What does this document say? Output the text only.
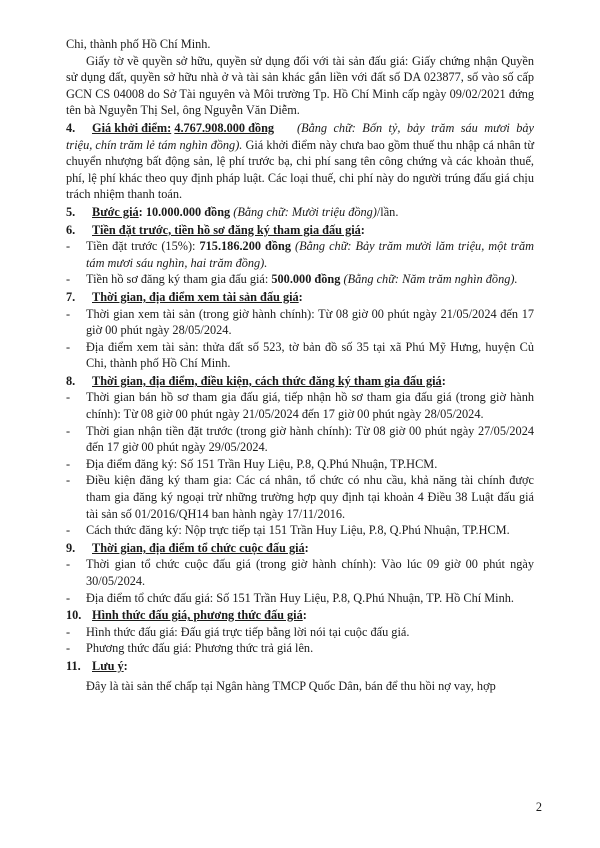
Chi, thành phố Hồ Chí Minh.

Giấy tờ về quyền sở hữu, quyền sử dụng đối với tài sản đấu giá: Giấy chứng nhận Quyền sử dụng đất, quyền sở hữu nhà ở và tài sản khác gắn liền với đất số DA 023877, số vào số cấp GCN CS 04008 do Sở Tài nguyên và Môi trường Tp. Hồ Chí Minh cấp ngày 09/02/2021 đứng tên bà Nguyễn Thị Sel, ông Nguyễn Văn Diễm.

4.	Giá khởi điểm:
4.767.908.000 đồng	(Bằng chữ: Bốn tỷ, bảy trăm sáu mươi bảy triệu, chín trăm lẻ tám nghìn đồng). Giá khởi điểm này chưa bao gồm thuế thu nhập cá nhân từ chuyển nhượng bất động sản, lệ phí trước bạ, chi phí sang tên công chứng và các khoản thuế, phí, lệ phí khác theo quy định pháp luật. Các loại thuế, chi phí này do người trúng đấu giá chịu trách nhiệm thanh toán.

5.	Bước giá: 10.000.000 đồng (Bằng chữ: Mười triệu đồng)/lần.
6.	Tiền đặt trước, tiền hồ sơ đăng ký tham gia đấu giá:
-	Tiền đặt trước (15%): 715.186.200 đồng (Bằng chữ: Bảy trăm mười lăm triệu, một trăm tám mươi sáu nghìn, hai trăm đồng).
-	Tiền hồ sơ đăng ký tham gia đấu giá: 500.000 đồng (Bằng chữ: Năm trăm nghìn đồng).
7.	Thời gian, địa điểm xem tài sản đấu giá:
-	Thời gian xem tài sản (trong giờ hành chính): Từ 08 giờ 00 phút ngày 21/05/2024 đến 17 giờ 00 phút ngày 28/05/2024.
-	Địa điểm xem tài sản: thửa đất số 523, tờ bản đồ số 35 tại xã Phú Mỹ Hưng, huyện Củ Chi, thành phố Hồ Chí Minh.
8.	Thời gian, địa điểm, điều kiện, cách thức đăng ký tham gia đấu giá:
-	Thời gian bán hồ sơ tham gia đấu giá, tiếp nhận hồ sơ tham gia đấu giá (trong giờ hành chính): Từ 08 giờ 00 phút ngày 21/05/2024 đến 17 giờ 00 phút ngày 28/05/2024.
-	Thời gian nhận tiền đặt trước (trong giờ hành chính): Từ 08 giờ 00 phút ngày 27/05/2024 đến 17 giờ 00 phút ngày 29/05/2024.
-	Địa điểm đăng ký: Số 151 Trần Huy Liệu, P.8, Q.Phú Nhuận, TP.HCM.
-	Điều kiện đăng ký tham gia: Các cá nhân, tổ chức có nhu cầu, khả năng tài chính được tham gia đăng ký ngoại trừ những trường hợp quy định tại khoản 4 Điều 38 Luật đấu giá tài sản số 01/2016/QH14 ban hành ngày 17/11/2016.
-	Cách thức đăng ký: Nộp trực tiếp tại 151 Trần Huy Liệu, P.8, Q.Phú Nhuận, TP.HCM.
9.	Thời gian, địa điểm tổ chức cuộc đấu giá:
-	Thời gian tổ chức cuộc đấu giá (trong giờ hành chính): Vào lúc 09 giờ 00 phút ngày 30/05/2024.
-	Địa điểm tổ chức đấu giá: Số 151 Trần Huy Liệu, P.8, Q.Phú Nhuận, TP. Hồ Chí Minh.
10. Hình thức đấu giá, phương thức đấu giá:
-	Hình thức đấu giá: Đấu giá trực tiếp bằng lời nói tại cuộc đấu giá.
-	Phương thức đấu giá: Phương thức trả giá lên.
11. Lưu ý:

Đây là tài sản thế chấp tại Ngân hàng TMCP Quốc Dân, bán để thu hồi nợ vay, hợp

2
